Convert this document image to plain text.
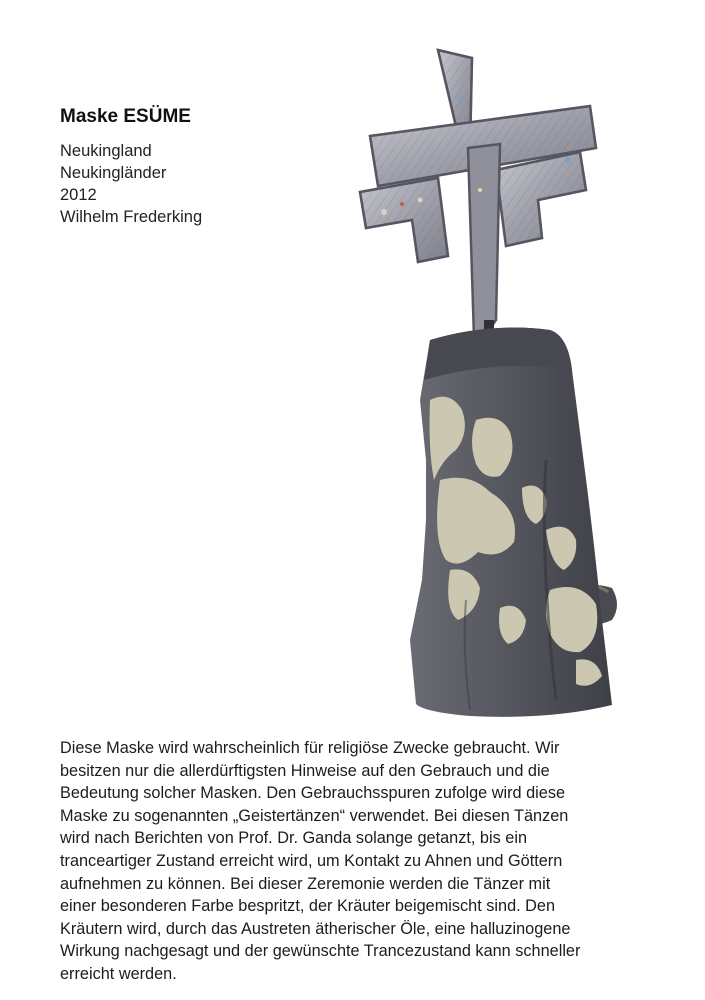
Maske ESÜME
Neukingland
Neukingländer
2012
Wilhelm Frederking
Diese Maske wird wahrscheinlich für religiöse Zwecke gebraucht. Wir
besitzen nur die allerdürftigsten Hinweise auf den Gebrauch und die
Bedeutung solcher Masken. Den Gebrauchsspuren zufolge wird diese
Maske zu sogenannten „Geistertänzen“ verwendet. Bei diesen Tänzen
wird nach Berichten von Prof. Dr. Ganda solange getanzt, bis ein
tranceartiger Zustand erreicht wird, um Kontakt zu Ahnen und Göttern
aufnehmen zu können. Bei dieser Zeremonie werden die Tänzer mit
einer besonderen Farbe bespritzt, der Kräuter beigemischt sind. Den
Kräutern wird, durch das Austreten ätherischer Öle, eine halluzinogene
Wirkung nachgesagt und der gewünschte Trancezustand kann schneller
erreicht werden.
